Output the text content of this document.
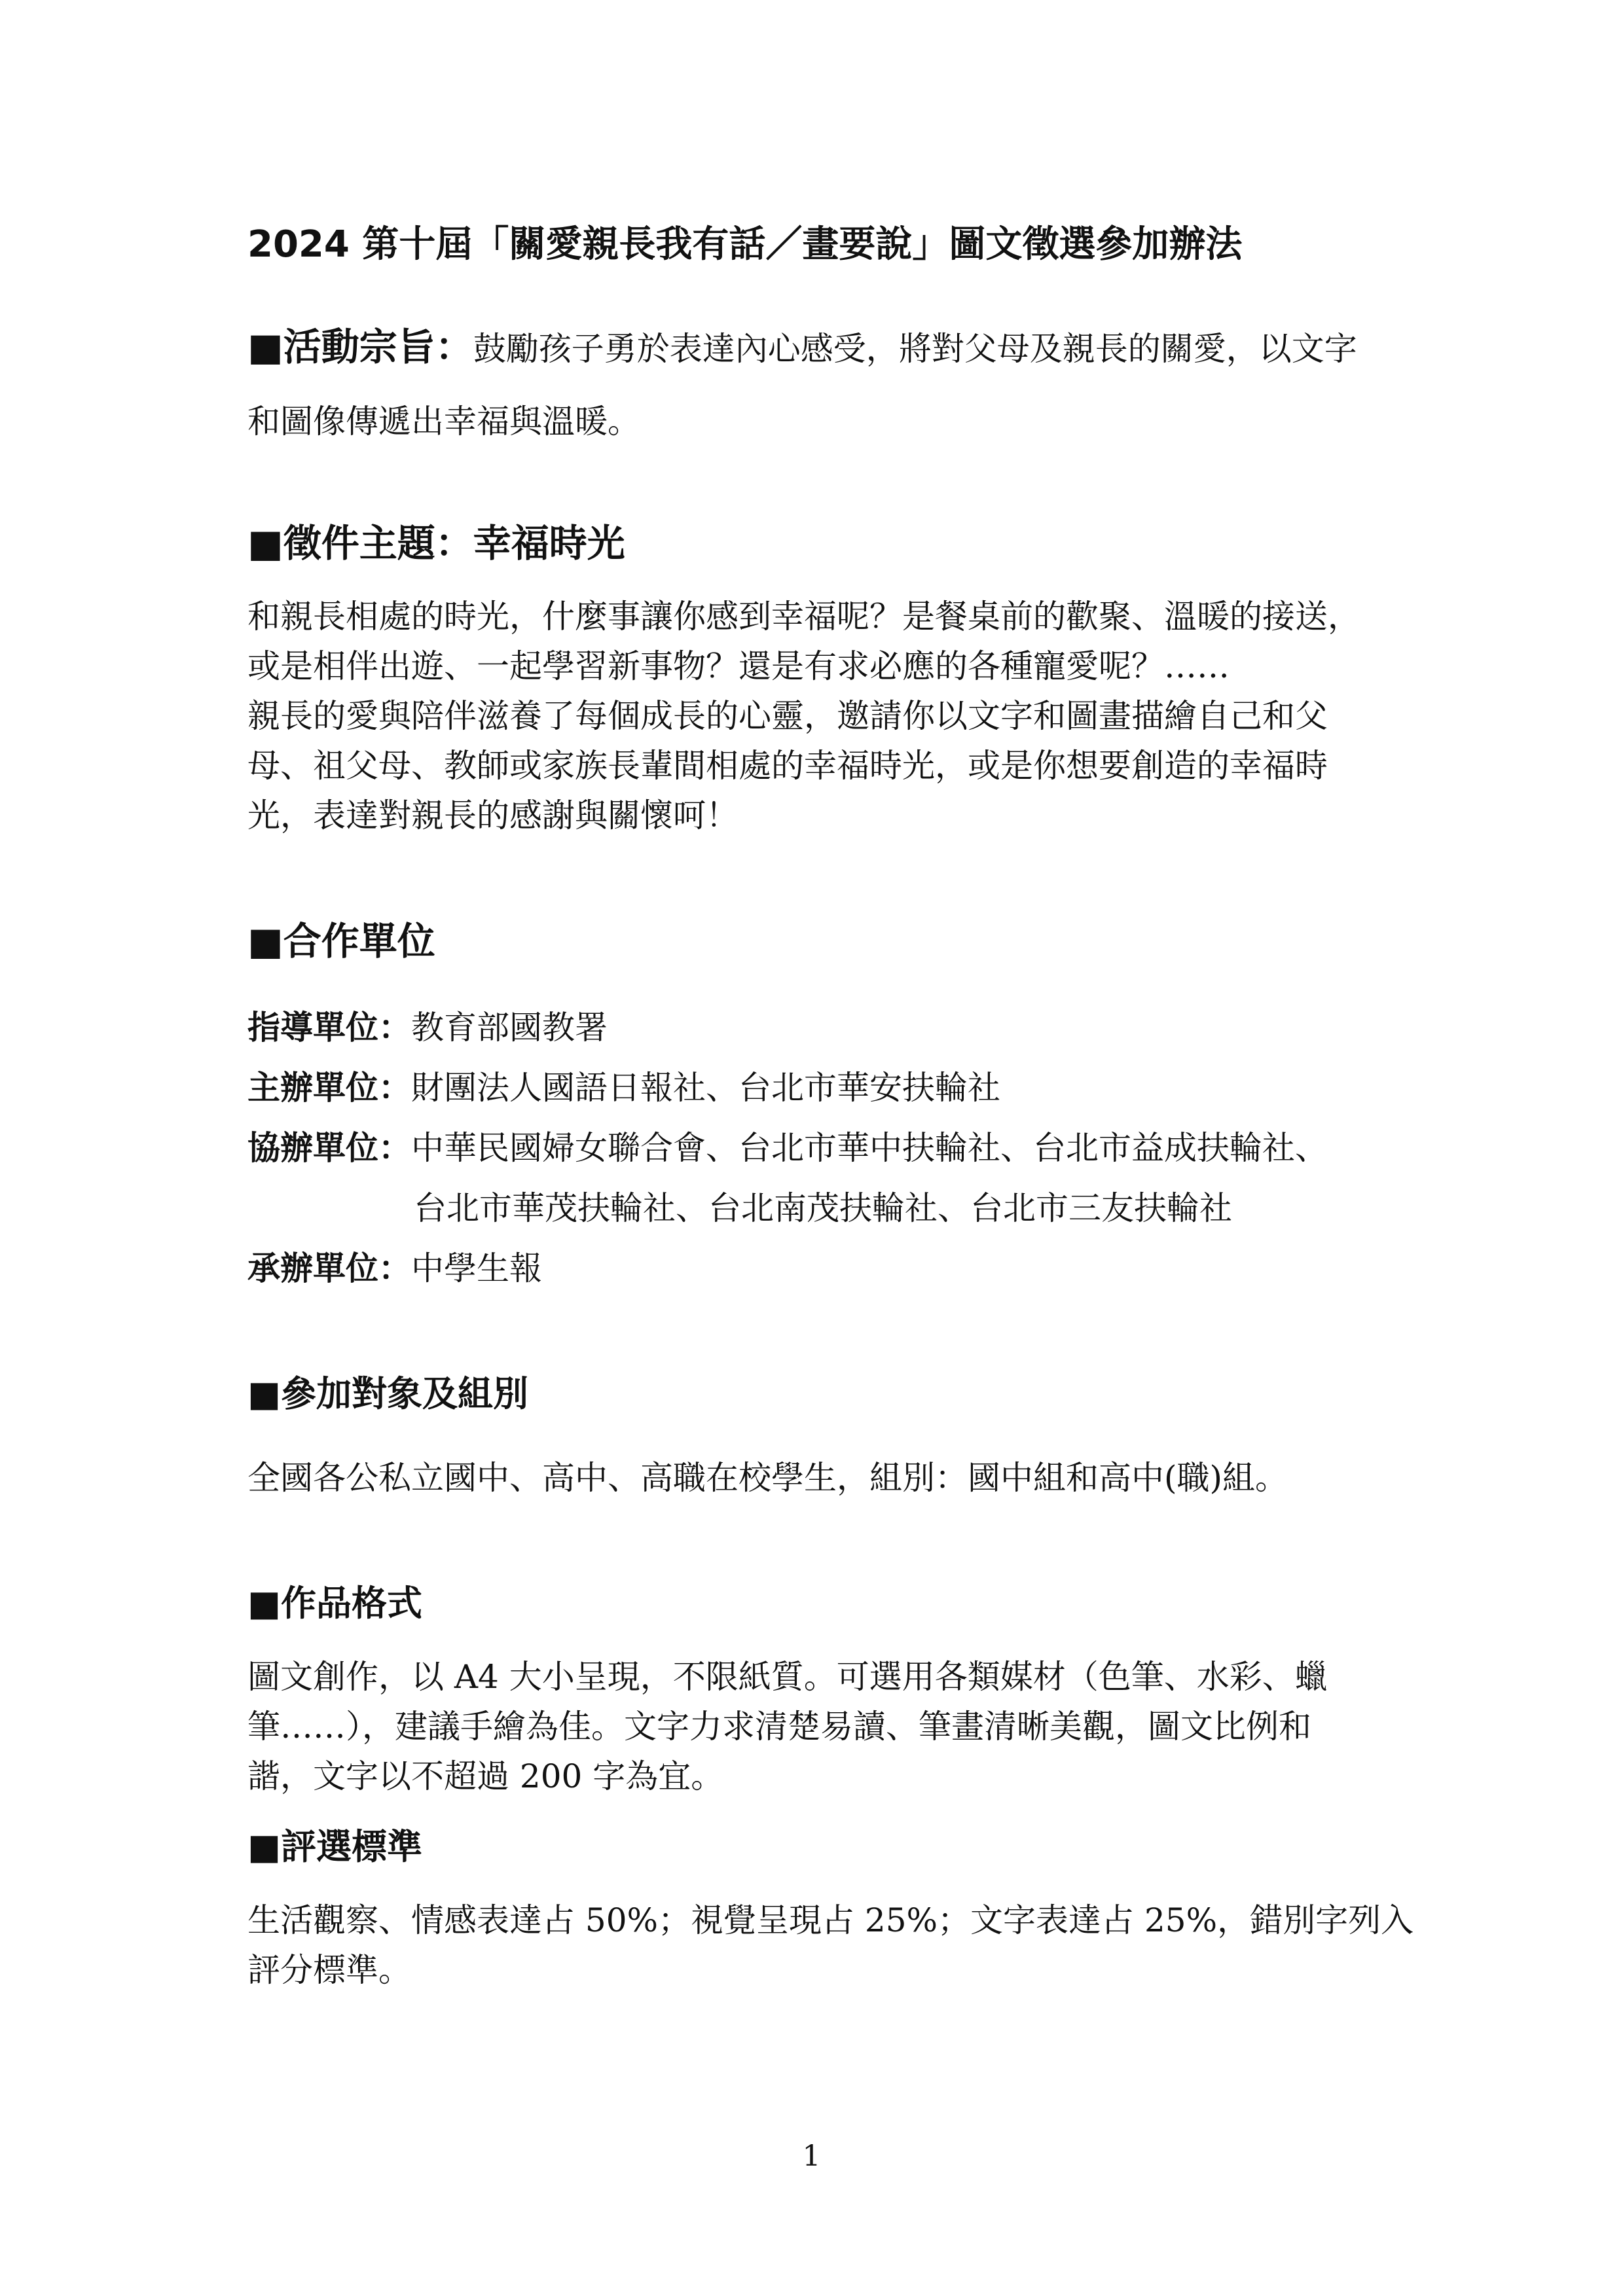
2024 第十屆「關愛親長我有話／畫要說」圖文徵選參加辦法
■活動宗旨：鼓勵孩子勇於表達內心感受，將對父母及親長的關愛，以文字
和圖像傳遞出幸福與溫暖。
■徵件主題：幸福時光
和親長相處的時光，什麼事讓你感到幸福呢？是餐桌前的歡聚、溫暖的接送，
或是相伴出遊、一起學習新事物？還是有求必應的各種寵愛呢？……
親長的愛與陪伴滋養了每個成長的心靈，邀請你以文字和圖畫描繪自己和父
母、祖父母、教師或家族長輩間相處的幸福時光，或是你想要創造的幸福時
光，表達對親長的感謝與關懷呵！
■合作單位
指導單位：教育部國教署
主辦單位：財團法人國語日報社、台北市華安扶輪社
協辦單位：中華民國婦女聯合會、台北市華中扶輪社、台北市益成扶輪社、
台北市華茂扶輪社、台北南茂扶輪社、台北市三友扶輪社
承辦單位：中學生報
■參加對象及組別
全國各公私立國中、高中、高職在校學生，組別：國中組和高中(職)組。
■作品格式
圖文創作，以 A4 大小呈現，不限紙質。可選用各類媒材（色筆、水彩、蠟
筆……），建議手繪為佳。文字力求清楚易讀、筆畫清晰美觀，圖文比例和
諧，文字以不超過 200 字為宜。
■評選標準
生活觀察、情感表達占 50%；視覺呈現占 25%；文字表達占 25%，錯別字列入
評分標準。
1
